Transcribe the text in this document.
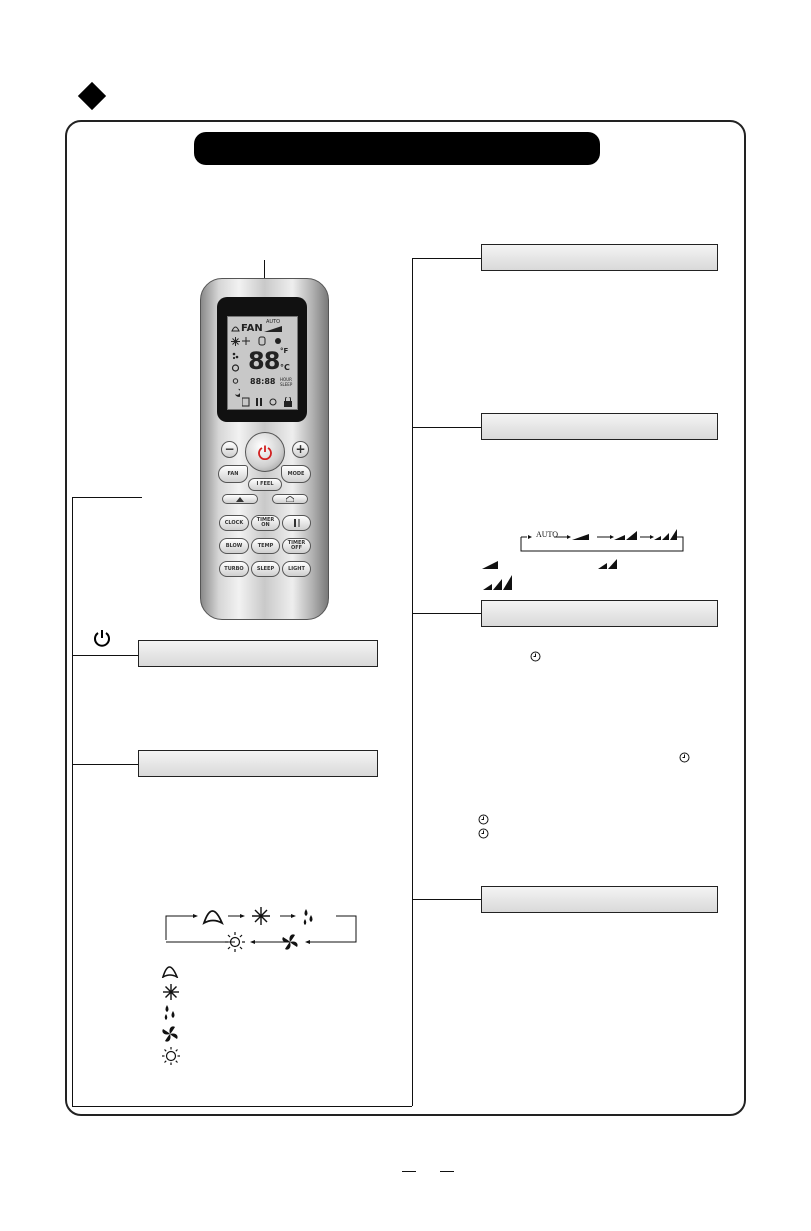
FAN
AUTO
88 °F
°C
88:88 HOUR
SLEEP
−	+
FAN	MODE
I FEEL
CLOCK	TIMER
ON
BLOW	TEMP	TIMER
OFF
TURBO	SLEEP	LIGHT
AUTO
